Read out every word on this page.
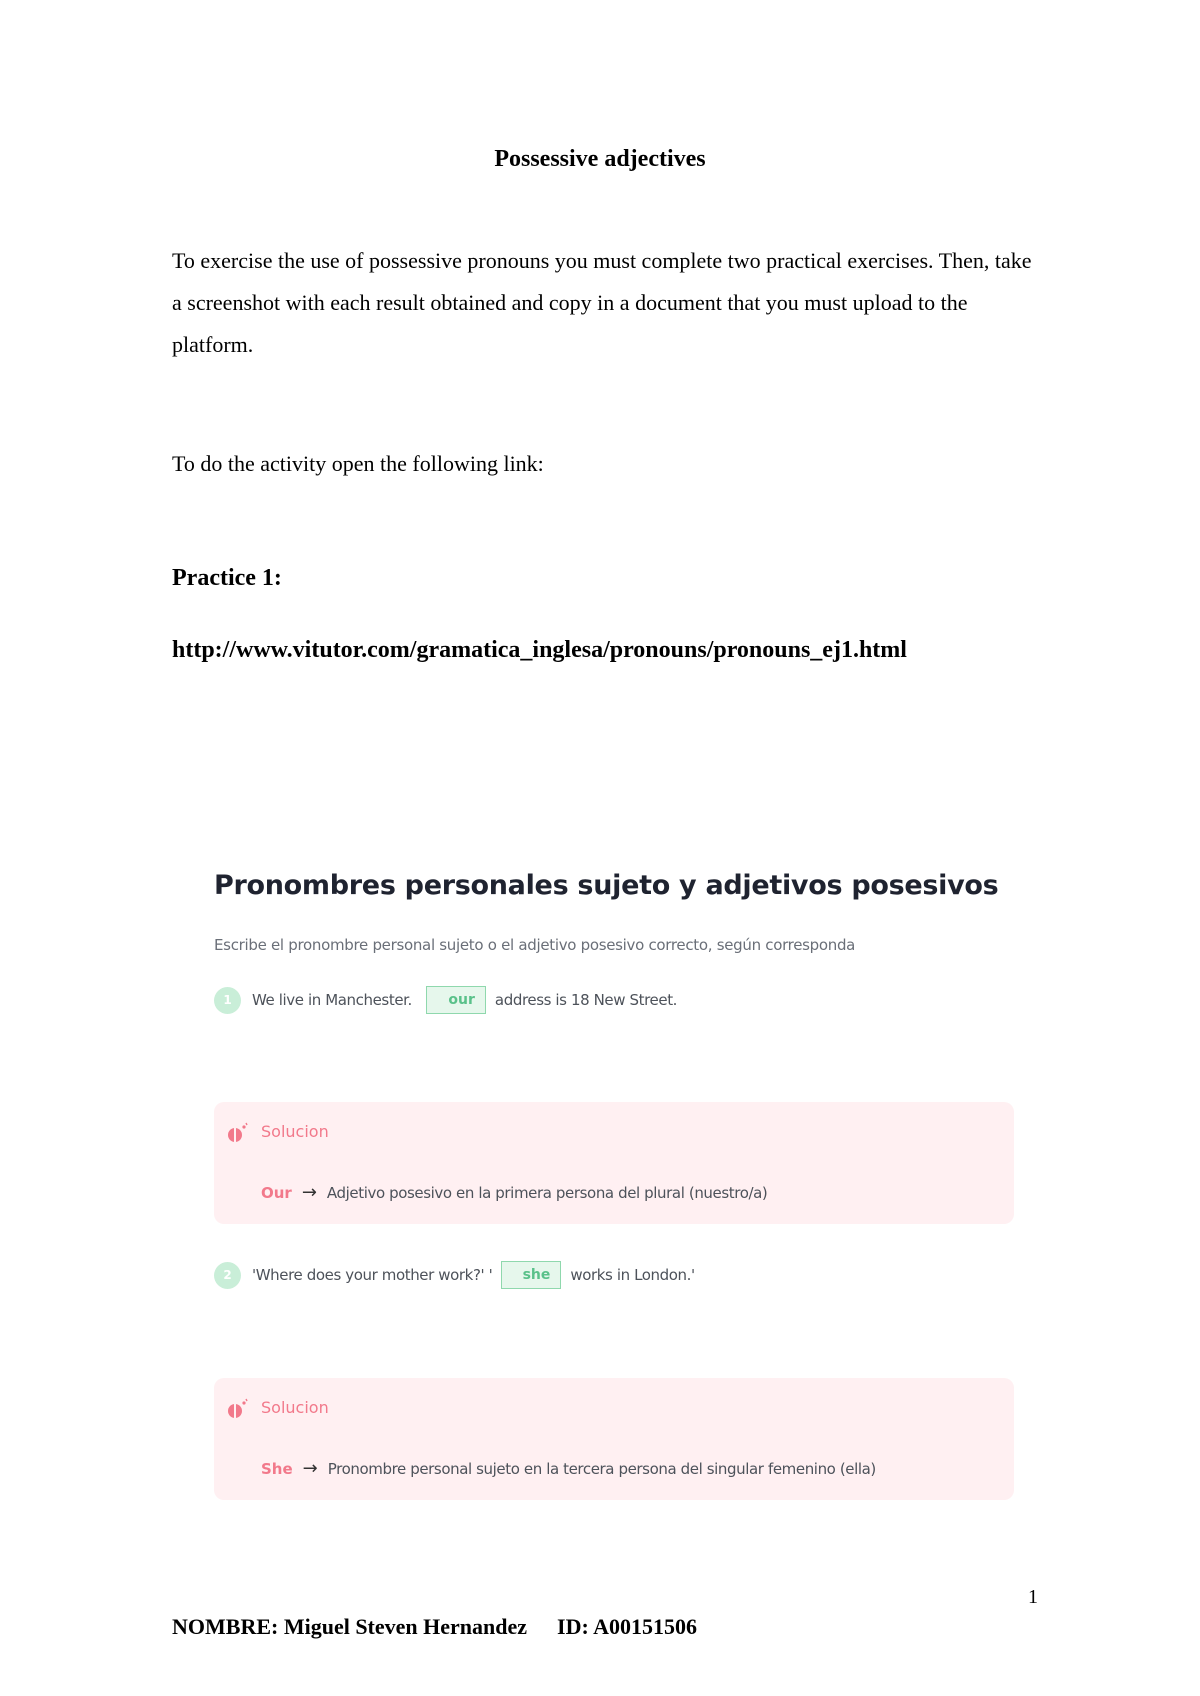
Possessive adjectives
To exercise the use of possessive pronouns you must complete two practical exercises. Then, take a screenshot with each result obtained and copy in a document that you must upload to the platform.
To do the activity open the following link:
Practice 1:
http://www.vitutor.com/gramatica_inglesa/pronouns/pronouns_ej1.html
Pronombres personales sujeto y adjetivos posesivos
Escribe el pronombre personal sujeto o el adjetivo posesivo correcto, según corresponda
1	We live in Manchester.	our	address is 18 New Street.
Solucion
Our → Adjetivo posesivo en la primera persona del plural (nuestro/a)
2	'Where does your mother work?' '	she	works in London.'
Solucion
She → Pronombre personal sujeto en la tercera persona del singular femenino (ella)
1
NOMBRE: Miguel Steven Hernandez ID: A00151506
